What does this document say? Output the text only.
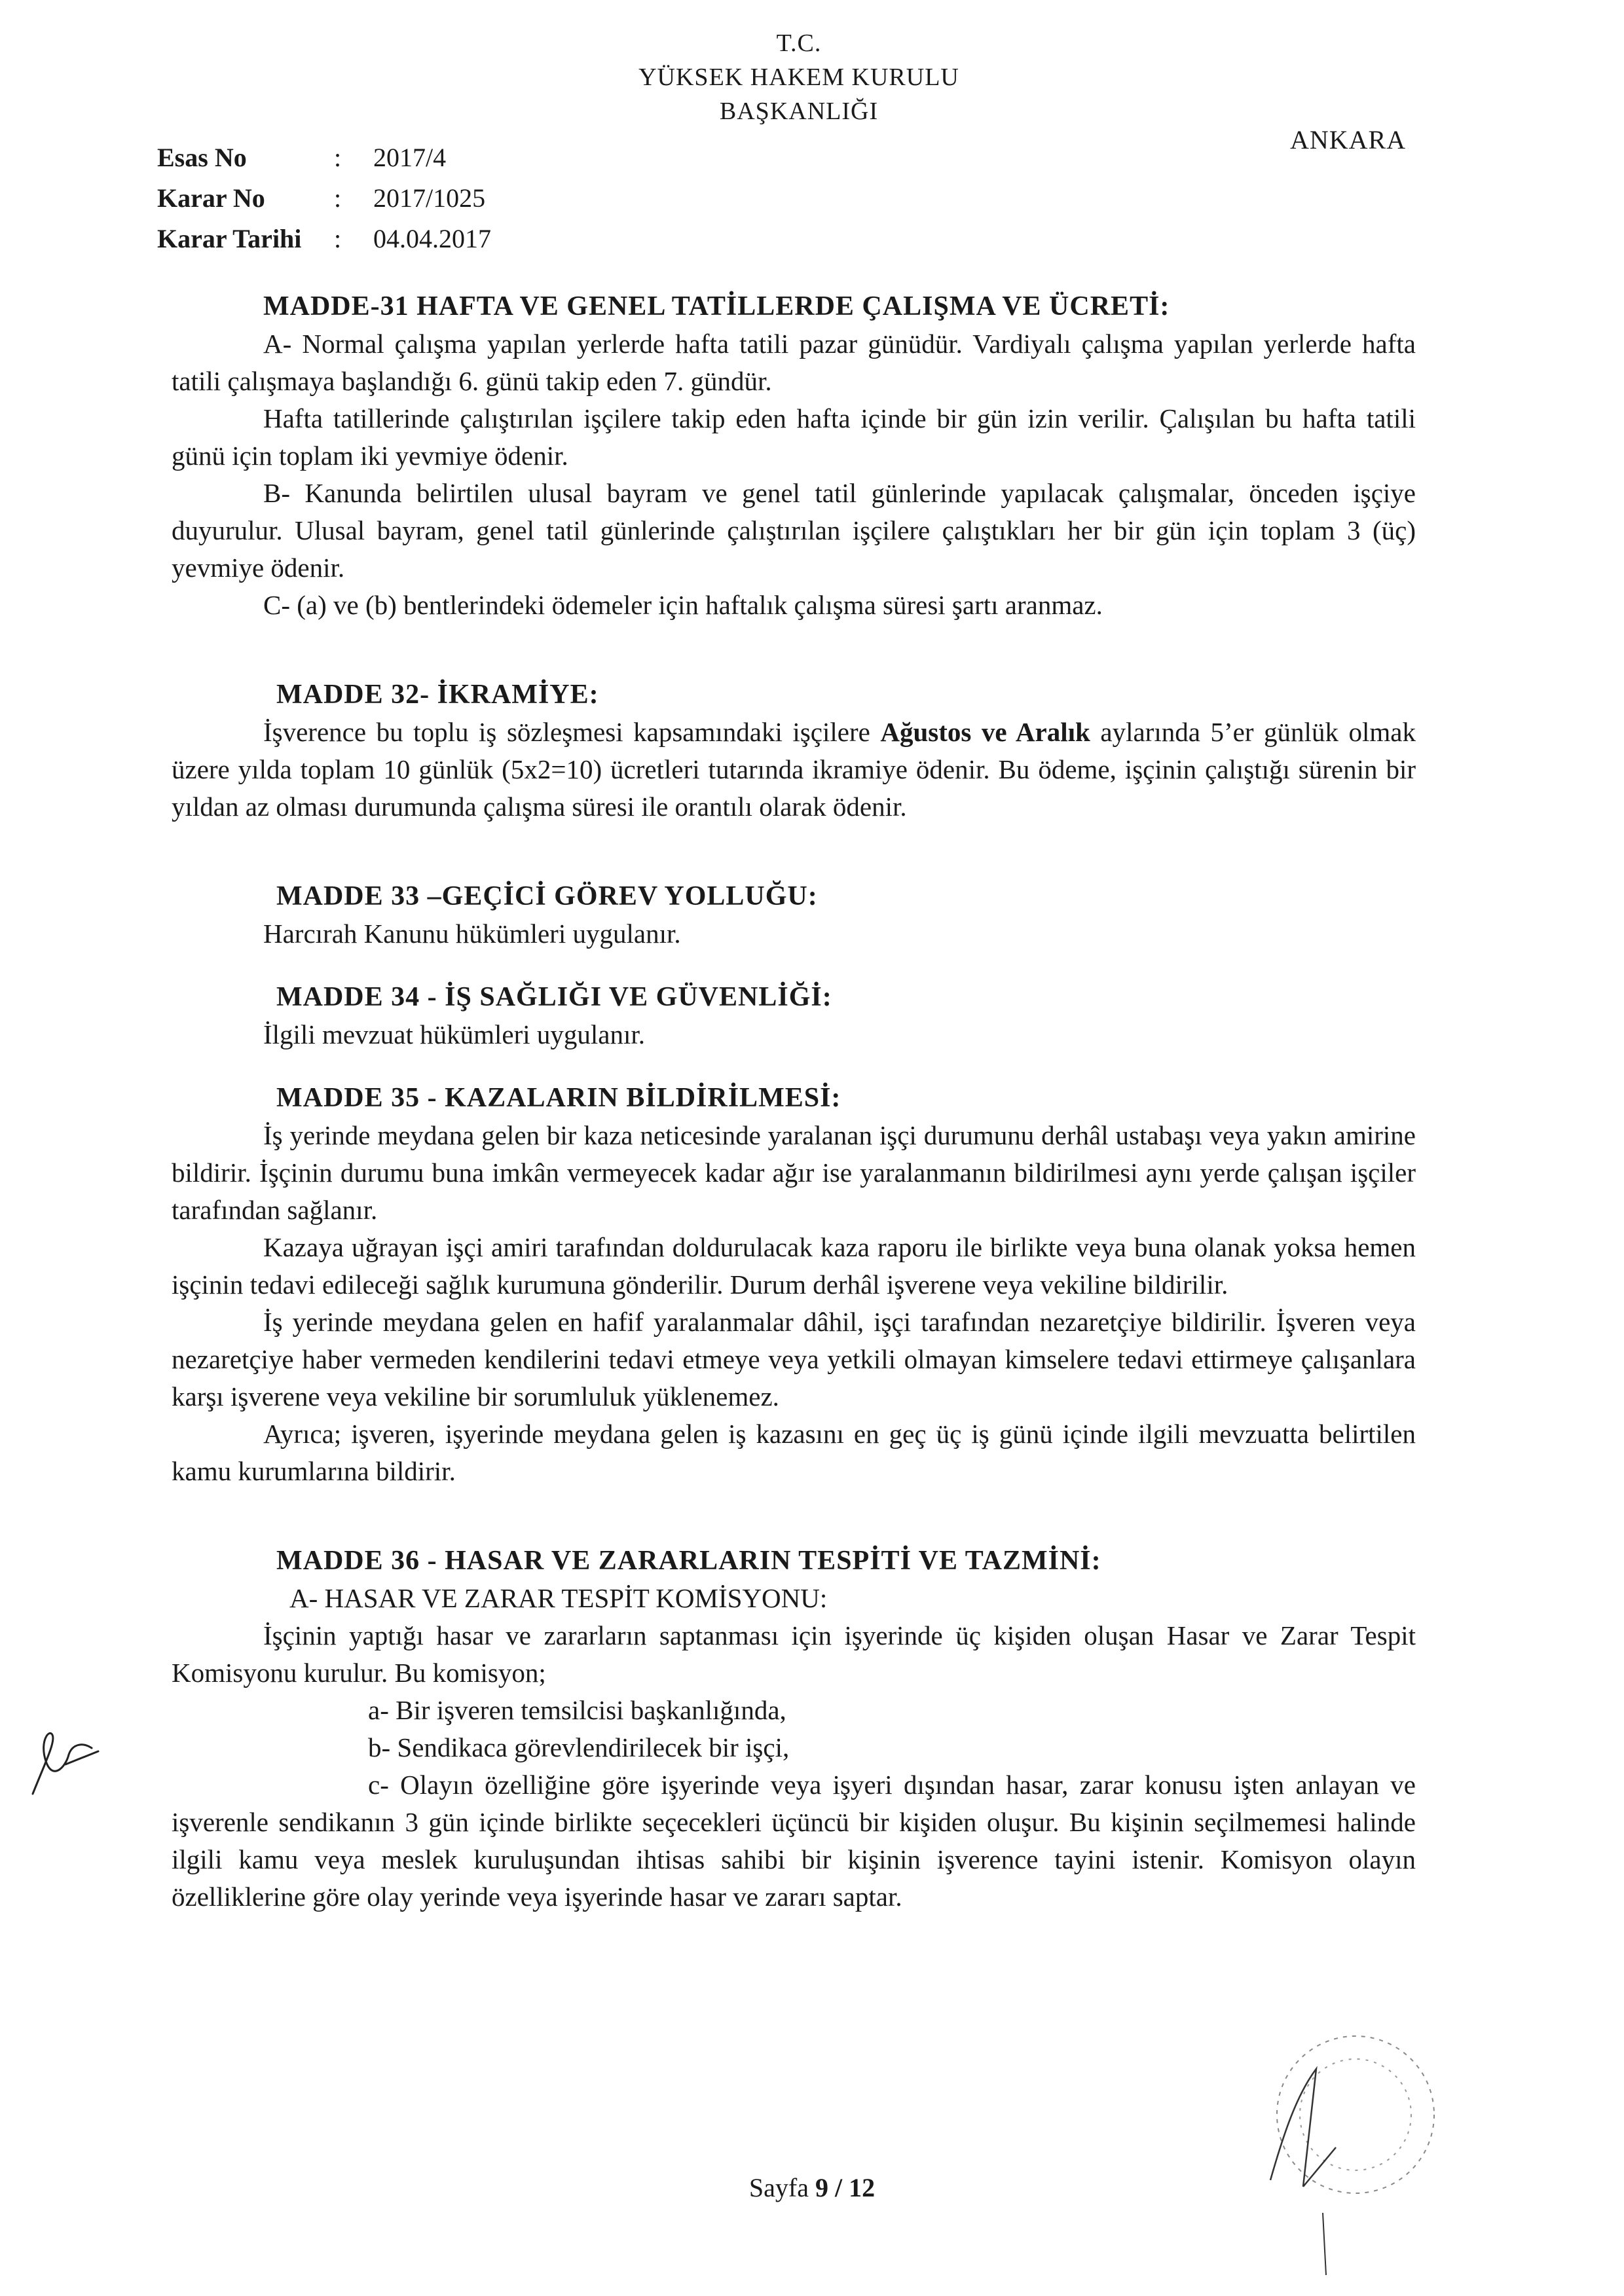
T.C.
YÜKSEK HAKEM KURULU
BAŞKANLIĞI
ANKARA
Esas No	:	2017/4
Karar No	:	2017/1025
Karar Tarihi	:	04.04.2017
MADDE-31 HAFTA VE GENEL TATİLLERDE ÇALIŞMA VE ÜCRETİ:

A- Normal çalışma yapılan yerlerde hafta tatili pazar günüdür. Vardiyalı çalışma yapılan yerlerde hafta tatili çalışmaya başlandığı 6. günü takip eden 7. gündür.

Hafta tatillerinde çalıştırılan işçilere takip eden hafta içinde bir gün izin verilir. Çalışılan bu hafta tatili günü için toplam iki yevmiye ödenir.

B- Kanunda belirtilen ulusal bayram ve genel tatil günlerinde yapılacak çalışmalar, önceden işçiye duyurulur. Ulusal bayram, genel tatil günlerinde çalıştırılan işçilere çalıştıkları her bir gün için toplam 3 (üç) yevmiye ödenir.

C- (a) ve (b) bentlerindeki ödemeler için haftalık çalışma süresi şartı aranmaz.

MADDE 32- İKRAMİYE:

İşverence bu toplu iş sözleşmesi kapsamındaki işçilere Ağustos ve Aralık aylarında 5’er günlük olmak üzere yılda toplam 10 günlük (5x2=10) ücretleri tutarında ikramiye ödenir. Bu ödeme, işçinin çalıştığı sürenin bir yıldan az olması durumunda çalışma süresi ile orantılı olarak ödenir.

MADDE 33 –GEÇİCİ GÖREV YOLLUĞU:

Harcırah Kanunu hükümleri uygulanır.

MADDE 34 - İŞ SAĞLIĞI VE GÜVENLİĞİ:

İlgili mevzuat hükümleri uygulanır.

MADDE 35 - KAZALARIN BİLDİRİLMESİ:

İş yerinde meydana gelen bir kaza neticesinde yaralanan işçi durumunu derhâl ustabaşı veya yakın amirine bildirir. İşçinin durumu buna imkân vermeyecek kadar ağır ise yaralanmanın bildirilmesi aynı yerde çalışan işçiler tarafından sağlanır.

Kazaya uğrayan işçi amiri tarafından doldurulacak kaza raporu ile birlikte veya buna olanak yoksa hemen işçinin tedavi edileceği sağlık kurumuna gönderilir. Durum derhâl işverene veya vekiline bildirilir.

İş yerinde meydana gelen en hafif yaralanmalar dâhil, işçi tarafından nezaretçiye bildirilir. İşveren veya nezaretçiye haber vermeden kendilerini tedavi etmeye veya yetkili olmayan kimselere tedavi ettirmeye çalışanlara karşı işverene veya vekiline bir sorumluluk yüklenemez.

Ayrıca; işveren, işyerinde meydana gelen iş kazasını en geç üç iş günü içinde ilgili mevzuatta belirtilen kamu kurumlarına bildirir.

MADDE 36 - HASAR VE ZARARLARIN TESPİTİ VE TAZMİNİ:

A- HASAR VE ZARAR TESPİT KOMİSYONU:

İşçinin yaptığı hasar ve zararların saptanması için işyerinde üç kişiden oluşan Hasar ve Zarar Tespit Komisyonu kurulur. Bu komisyon;

a- Bir işveren temsilcisi başkanlığında,

b- Sendikaca görevlendirilecek bir işçi,

c- Olayın özelliğine göre işyerinde veya işyeri dışından hasar, zarar konusu işten anlayan ve işverenle sendikanın 3 gün içinde birlikte seçecekleri üçüncü bir kişiden oluşur. Bu kişinin seçilmemesi halinde ilgili kamu veya meslek kuruluşundan ihtisas sahibi bir kişinin işverence tayini istenir. Komisyon olayın özelliklerine göre olay yerinde veya işyerinde hasar ve zararı saptar.

Sayfa 9 / 12
